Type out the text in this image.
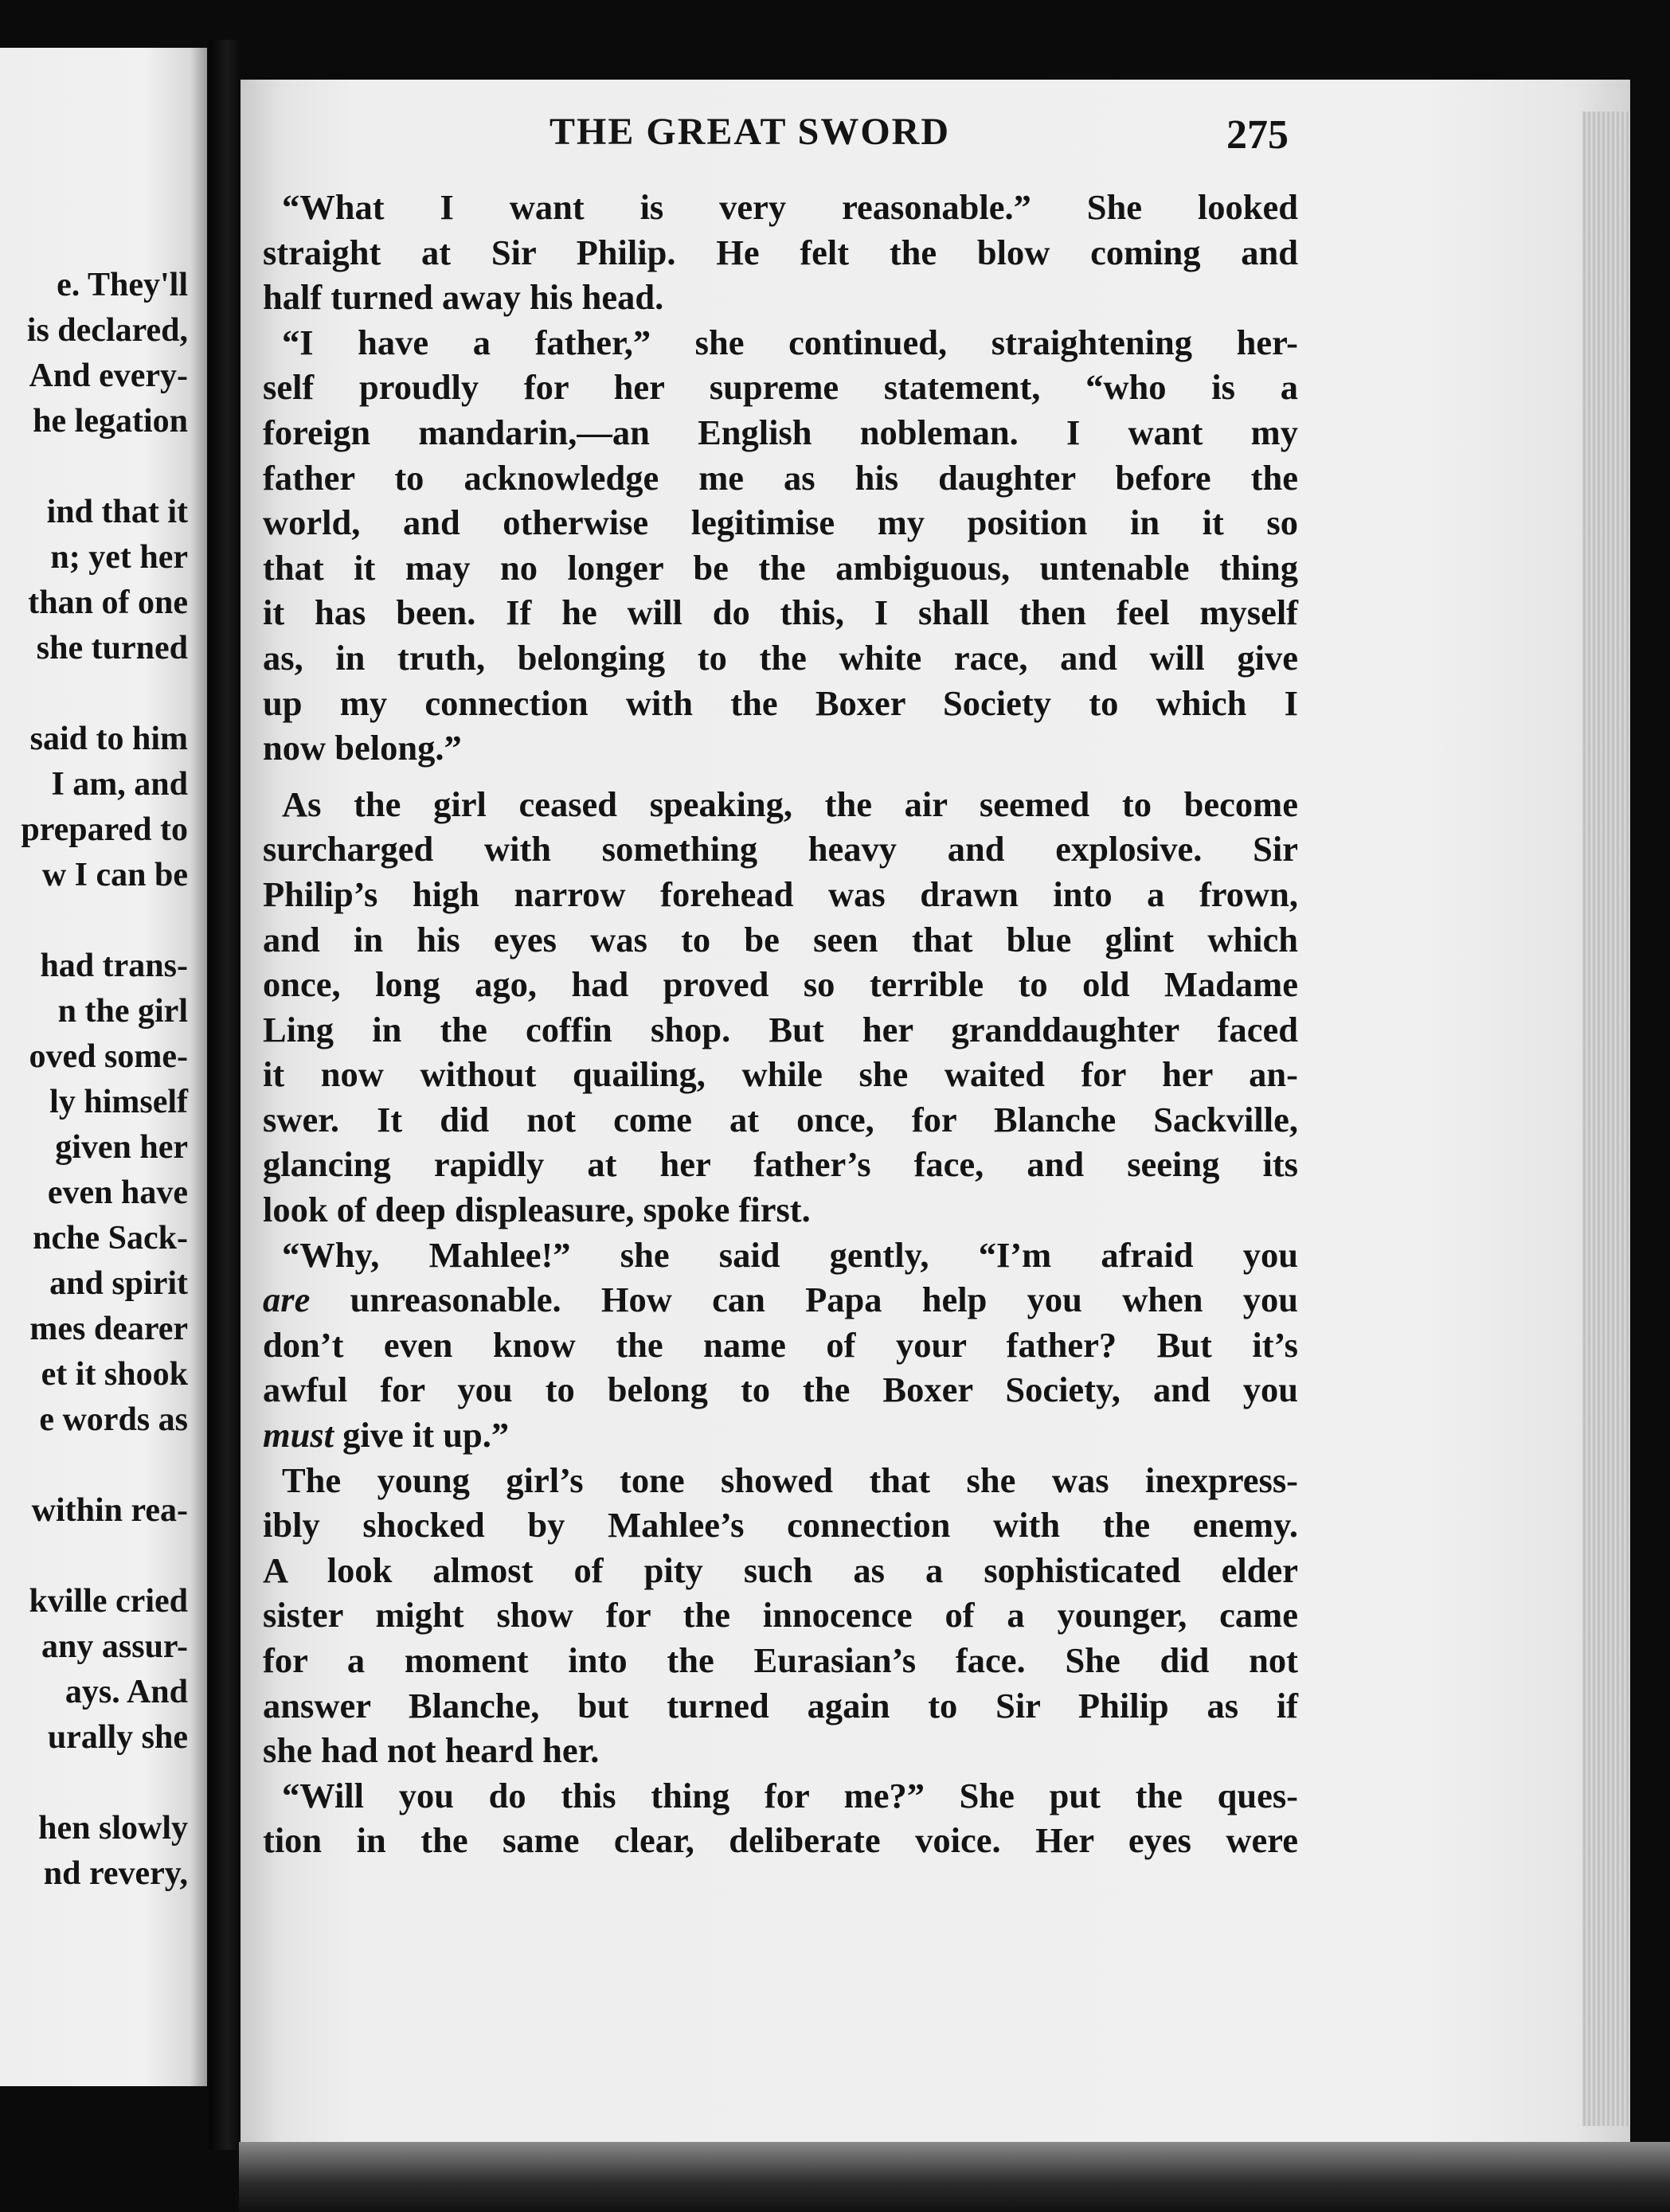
e. They'll
is declared,
And every-
he legation
ind that it
n; yet her
than of one
she turned
said to him
I am, and
prepared to
w I can be
had trans-
n the girl
oved some-
ly himself
given her
even have
nche Sack-
and spirit
mes dearer
et it shook
e words as
within rea-
kville cried
any assur-
ays. And
urally she
hen slowly
nd revery,
THE GREAT SWORD	275
“What I want is very reasonable.” She looked
straight at Sir Philip. He felt the blow coming and
half turned away his head.
“I have a father,” she continued, straightening her-
self proudly for her supreme statement, “who is a
foreign mandarin,—an English nobleman. I want my
father to acknowledge me as his daughter before the
world, and otherwise legitimise my position in it so
that it may no longer be the ambiguous, untenable thing
it has been. If he will do this, I shall then feel myself
as, in truth, belonging to the white race, and will give
up my connection with the Boxer Society to which I
now belong.”
As the girl ceased speaking, the air seemed to become
surcharged with something heavy and explosive. Sir
Philip’s high narrow forehead was drawn into a frown,
and in his eyes was to be seen that blue glint which
once, long ago, had proved so terrible to old Madame
Ling in the coffin shop. But her granddaughter faced
it now without quailing, while she waited for her an-
swer. It did not come at once, for Blanche Sackville,
glancing rapidly at her father’s face, and seeing its
look of deep displeasure, spoke first.
“Why, Mahlee!” she said gently, “I’m afraid you
are unreasonable. How can Papa help you when you
don’t even know the name of your father? But it’s
awful for you to belong to the Boxer Society, and you
must give it up.”
The young girl’s tone showed that she was inexpress-
ibly shocked by Mahlee’s connection with the enemy.
A look almost of pity such as a sophisticated elder
sister might show for the innocence of a younger, came
for a moment into the Eurasian’s face. She did not
answer Blanche, but turned again to Sir Philip as if
she had not heard her.
“Will you do this thing for me?” She put the ques-
tion in the same clear, deliberate voice. Her eyes were
